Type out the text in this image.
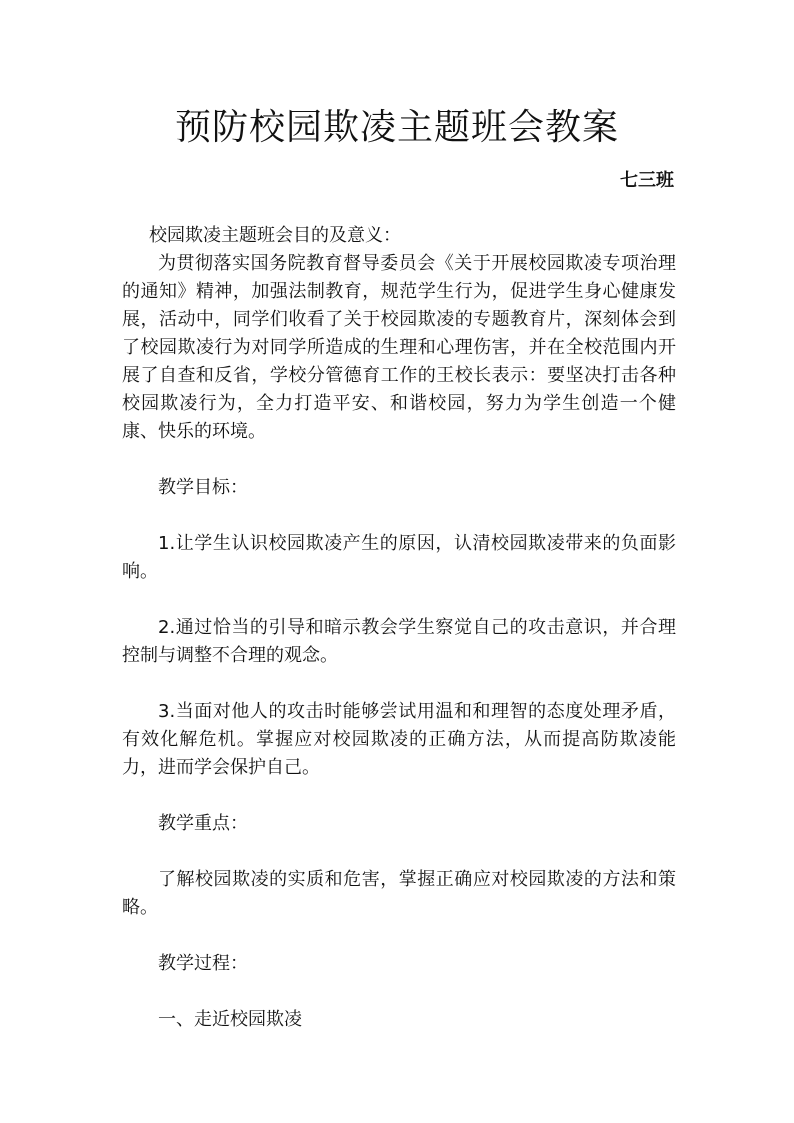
预防校园欺凌主题班会教案
七三班

校园欺凌主题班会目的及意义：

为贯彻落实国务院教育督导委员会《关于开展校园欺凌专项治理的通知》精神，加强法制教育，规范学生行为，促进学生身心健康发展，活动中，同学们收看了关于校园欺凌的专题教育片，深刻体会到了校园欺凌行为对同学所造成的生理和心理伤害，并在全校范围内开展了自查和反省，学校分管德育工作的王校长表示：要坚决打击各种校园欺凌行为，全力打造平安、和谐校园，努力为学生创造一个健康、快乐的环境。

教学目标：

1.让学生认识校园欺凌产生的原因，认清校园欺凌带来的负面影响。

2.通过恰当的引导和暗示教会学生察觉自己的攻击意识，并合理控制与调整不合理的观念。

3.当面对他人的攻击时能够尝试用温和和理智的态度处理矛盾，有效化解危机。掌握应对校园欺凌的正确方法，从而提高防欺凌能力，进而学会保护自己。

教学重点：

了解校园欺凌的实质和危害，掌握正确应对校园欺凌的方法和策略。

教学过程：

一、走近校园欺凌
